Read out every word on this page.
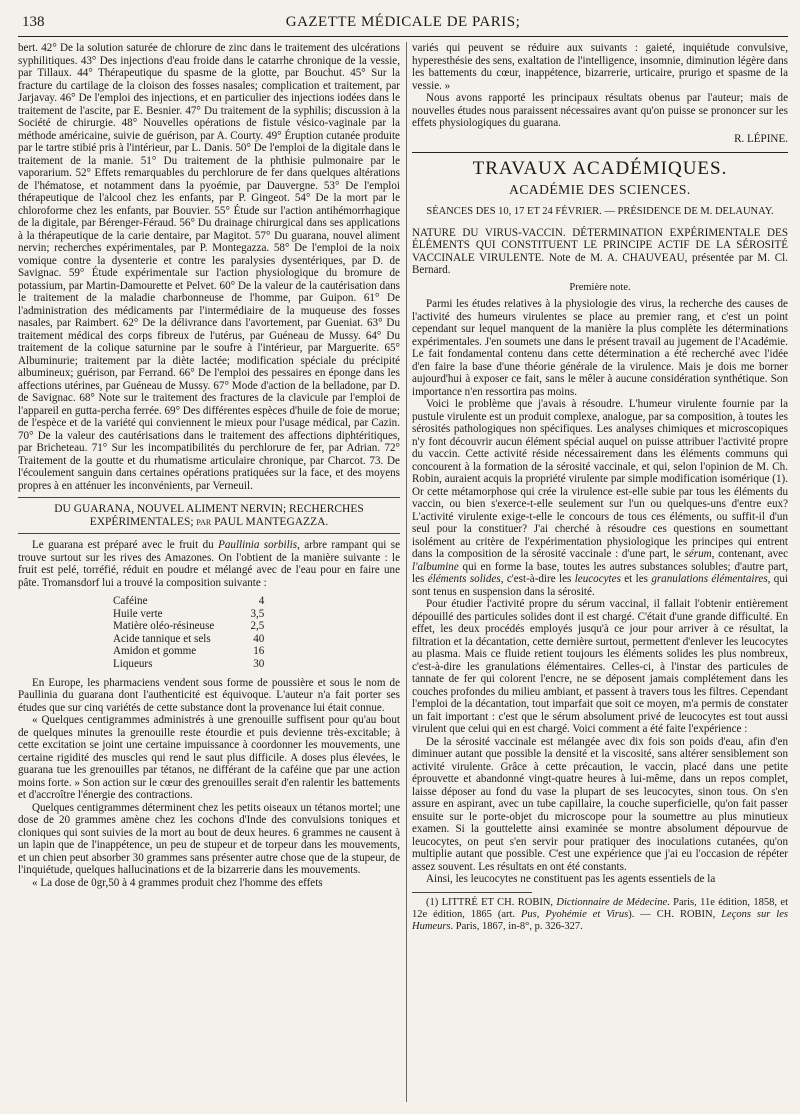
138	GAZETTE MÉDICALE DE PARIS;

bert. 42° De la solution saturée de chlorure de zinc dans le traitement des ulcérations syphilitiques. 43° Des injections d'eau froide dans le catarrhe chronique de la vessie, par Tillaux. 44° Thérapeutique du spasme de la glotte, par Bouchut. 45° Sur la fracture du cartilage de la cloison des fosses nasales; complication et traitement, par Jarjavay. 46° De l'emploi des injections, et en particulier des injections iodées dans le traitement de l'ascite, par E. Besnier. 47° Du traitement de la syphilis; discussion à la Société de chirurgie. 48° Nouvelles opérations de fistule vésico-vaginale par la méthode américaine, suivie de guérison, par A. Courty. 49° Éruption cutanée produite par le tartre stibié pris à l'intérieur, par L. Danis. 50° De l'emploi de la digitale dans le traitement de la manie. 51° Du traitement de la phthisie pulmonaire par le vaporarium. 52° Effets remarquables du perchlorure de fer dans quelques altérations de l'hématose, et notamment dans la pyoémie, par Dauvergne. 53° De l'emploi thérapeutique de l'alcool chez les enfants, par P. Gingeot. 54° De la mort par le chloroforme chez les enfants, par Bouvier. 55° Étude sur l'action antihémorrhagique de la digitale, par Bérenger-Féraud. 56° Du drainage chirurgical dans ses applications à la thérapeutique de la carie dentaire, par Magitot. 57° Du guarana, nouvel aliment nervin; recherches expérimentales, par P. Montegazza. 58° De l'emploi de la noix vomique contre la dysenterie et contre les paralysies dysentériques, par D. de Savignac. 59° Étude expérimentale sur l'action physiologique du bromure de potassium, par Martin-Damourette et Pelvet. 60° De la valeur de la cautérisation dans le traitement de la maladie charbonneuse de l'homme, par Guipon. 61° De l'administration des médicaments par l'intermédiaire de la muqueuse des fosses nasales, par Raimbert. 62° De la délivrance dans l'avortement, par Gueniat. 63° Du traitement médical des corps fibreux de l'utérus, par Guéneau de Mussy. 64° Du traitement de la colique saturnine par le soufre à l'intérieur, par Marguerite. 65° Albuminurie; traitement par la diète lactée; modification spéciale du précipité albumineux; guérison, par Ferrand. 66° De l'emploi des pessaires en éponge dans les affections utérines, par Guéneau de Mussy. 67° Mode d'action de la belladone, par D. de Savignac. 68° Note sur le traitement des fractures de la clavicule par l'emploi de l'appareil en gutta-percha ferrée. 69° Des différentes espèces d'huile de foie de morue; de l'espèce et de la variété qui conviennent le mieux pour l'usage médical, par Cazin. 70° De la valeur des cautérisations dans le traitement des affections diphtéritiques, par Bricheteau. 71° Sur les incompatibilités du perchlorure de fer, par Adrian. 72° Traitement de la goutte et du rhumatisme articulaire chronique, par Charcot. 73. De l'écoulement sanguin dans certaines opérations pratiquées sur la face, et des moyens propres à en atténuer les inconvénients, par Verneuil.

DU GUARANA, NOUVEL ALIMENT NERVIN; RECHERCHES EXPÉRIMENTALES; par PAUL MANTEGAZZA.

Le guarana est préparé avec le fruit du Paullinia sorbilis, arbre rampant qui se trouve surtout sur les rives des Amazones. On l'obtient de la manière suivante : le fruit est pelé, torréfié, réduit en poudre et mélangé avec de l'eau pour en faire une pâte. Tromansdorf lui a trouvé la composition suivante :

Caféine	4
Huile verte	3,5
Matière oléo-résineuse	2,5
Acide tannique et sels	40
Amidon et gomme	16
Liqueurs	30

En Europe, les pharmaciens vendent sous forme de poussière et sous le nom de Paullinia du guarana dont l'authenticité est équivoque. L'auteur n'a fait porter ses études que sur cinq variétés de cette substance dont la provenance lui était connue.

« Quelques centigrammes administrés à une grenouille suffisent pour qu'au bout de quelques minutes la grenouille reste étourdie et puis devienne très-excitable; à cette excitation se joint une certaine impuissance à coordonner les mouvements, une certaine rigidité des muscles qui rend le saut plus difficile. A doses plus élevées, le guarana tue les grenouilles par tétanos, ne différant de la caféine que par une action moins forte. » Son action sur le cœur des grenouilles serait d'en ralentir les battements et d'accroître l'énergie des contractions.

Quelques centigrammes déterminent chez les petits oiseaux un tétanos mortel; une dose de 20 grammes amène chez les cochons d'Inde des convulsions toniques et cloniques qui sont suivies de la mort au bout de deux heures. 6 grammes ne causent à un lapin que de l'inappétence, un peu de stupeur et de torpeur dans les mouvements, et un chien peut absorber 30 grammes sans présenter autre chose que de la stupeur, de l'inquiétude, quelques hallucinations et de la bizarrerie dans les mouvements.

« La dose de 0gr,50 à 4 grammes produit chez l'homme des effets

variés qui peuvent se réduire aux suivants : gaieté, inquiétude convulsive, hyperesthésie des sens, exaltation de l'intelligence, insomnie, diminution légère dans les battements du cœur, inappétence, bizarrerie, urticaire, prurigo et spasme de la vessie. »

Nous avons rapporté les principaux résultats obenus par l'auteur; mais de nouvelles études nous paraissent nécessaires avant qu'on puisse se prononcer sur les effets physiologiques du guarana.

R. LÉPINE.

TRAVAUX ACADÉMIQUES.

ACADÉMIE DES SCIENCES.

SÉANCES DES 10, 17 ET 24 FÉVRIER. — PRÉSIDENCE DE M. DELAUNAY.

NATURE DU VIRUS-VACCIN. DÉTERMINATION EXPÉRIMENTALE DES ÉLÉMENTS QUI CONSTITUENT LE PRINCIPE ACTIF DE LA SÉROSITÉ VACCINALE VIRULENTE. Note de M. A. CHAUVEAU, présentée par M. Cl. Bernard.

Première note.

Parmi les études relatives à la physiologie des virus, la recherche des causes de l'activité des humeurs virulentes se place au premier rang, et c'est un point cependant sur lequel manquent de la manière la plus complète les déterminations expérimentales. J'en soumets une dans le présent travail au jugement de l'Académie. Le fait fondamental contenu dans cette détermination a été recherché avec l'idée d'en faire la base d'une théorie générale de la virulence. Mais je dois me borner aujourd'hui à exposer ce fait, sans le mêler à aucune considération synthétique. Son importance n'en ressortira pas moins.

Voici le problème que j'avais à résoudre. L'humeur virulente fournie par la pustule virulente est un produit complexe, analogue, par sa composition, à toutes les sérosités pathologiques non spécifiques. Les analyses chimiques et microscopiques n'y font découvrir aucun élément spécial auquel on puisse attribuer l'activité propre du vaccin. Cette activité réside nécessairement dans les éléments communs qui concourent à la formation de la sérosité vaccinale, et qui, selon l'opinion de M. Ch. Robin, auraient acquis la propriété virulente par simple modification isomérique (1). Or cette métamorphose qui crée la virulence est-elle subie par tous les éléments du vaccin, ou bien s'exerce-t-elle seulement sur l'un ou quelques-uns d'entre eux? L'activité virulente exige-t-elle le concours de tous ces éléments, ou suffit-il d'un seul pour la constituer? J'ai cherché à résoudre ces questions en soumettant isolément au critère de l'expérimentation physiologique les principes qui entrent dans la composition de la sérosité vaccinale : d'une part, le sérum, contenant, avec l'albumine qui en forme la base, toutes les autres substances solubles; d'autre part, les éléments solides, c'est-à-dire les leucocytes et les granulations élémentaires, qui sont tenus en suspension dans la sérosité.

Pour étudier l'activité propre du sérum vaccinal, il fallait l'obtenir entièrement dépouillé des particules solides dont il est chargé. C'était d'une grande difficulté. En effet, les deux procédés employés jusqu'à ce jour pour arriver à ce résultat, la filtration et la décantation, cette dernière surtout, permettent d'enlever les leucocytes au plasma. Mais ce fluide retient toujours les éléments solides les plus nombreux, c'est-à-dire les granulations élémentaires. Celles-ci, à l'instar des particules de tannate de fer qui colorent l'encre, ne se déposent jamais complétement dans les couches profondes du milieu ambiant, et passent à travers tous les filtres. Cependant l'emploi de la décantation, tout imparfait que soit ce moyen, m'a permis de constater un fait important : c'est que le sérum absolument privé de leucocytes est tout aussi virulent que celui qui en est chargé. Voici comment a été faite l'expérience :

De la sérosité vaccinale est mélangée avec dix fois son poids d'eau, afin d'en diminuer autant que possible la densité et la viscosité, sans altérer sensiblement son activité virulente. Grâce à cette précaution, le vaccin, placé dans une petite éprouvette et abandonné vingt-quatre heures à lui-même, dans un repos complet, laisse déposer au fond du vase la plupart de ses leucocytes, sinon tous. On s'en assure en aspirant, avec un tube capillaire, la couche superficielle, qu'on fait passer ensuite sur le porte-objet du microscope pour la soumettre au plus minutieux examen. Si la gouttelette ainsi examinée se montre absolument dépourvue de leucocytes, on peut s'en servir pour pratiquer des inoculations cutanées, qu'on multiplie autant que possible. C'est une expérience que j'ai eu l'occasion de répéter assez souvent. Les résultats en ont été constants.

Ainsi, les leucocytes ne constituent pas les agents essentiels de la

(1) LITTRÉ ET CH. ROBIN, Dictionnaire de Médecine. Paris, 11e édition, 1858, et 12e édition, 1865 (art. Pus, Pyohémie et Virus). — CH. ROBIN, Leçons sur les Humeurs. Paris, 1867, in-8°, p. 326-327.
